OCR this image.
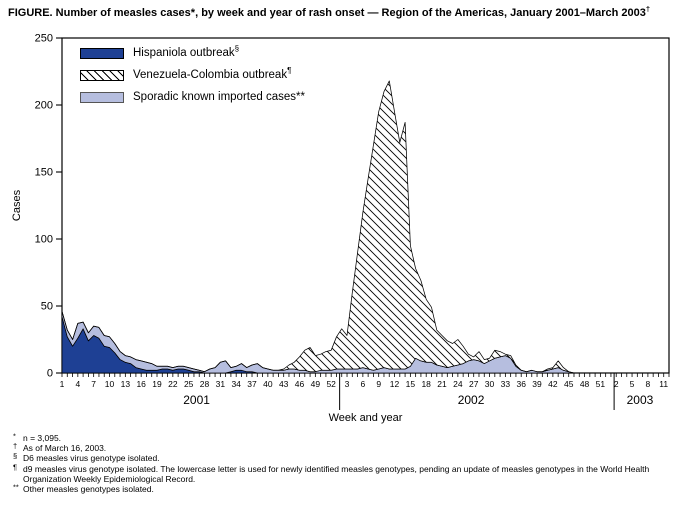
FIGURE. Number of measles cases*, by week and year of rash onset — Region of the Americas, January 2001–March 2003†
0
50
100
150
200
250
1 4 7 10 13 16 19 22 25 28 31 34 37 40 43 46 49 52
2001
3 6 9 12 15 18 21 24 27 30 33 36 39 42 45 48 51
2002
2 5 8 11
2003
Week and year
Cases
Hispaniola outbreak§
Venezuela-Colombia outbreak¶
Sporadic known imported cases**
* n = 3,095.
† As of March 16, 2003.
§ D6 measles virus genotype isolated.
¶ d9 measles virus genotype isolated. The lowercase letter is used for newly identified measles genotypes, pending an update of measles genotypes in the World Health Organization Weekly Epidemiological Record.
** Other measles genotypes isolated.
